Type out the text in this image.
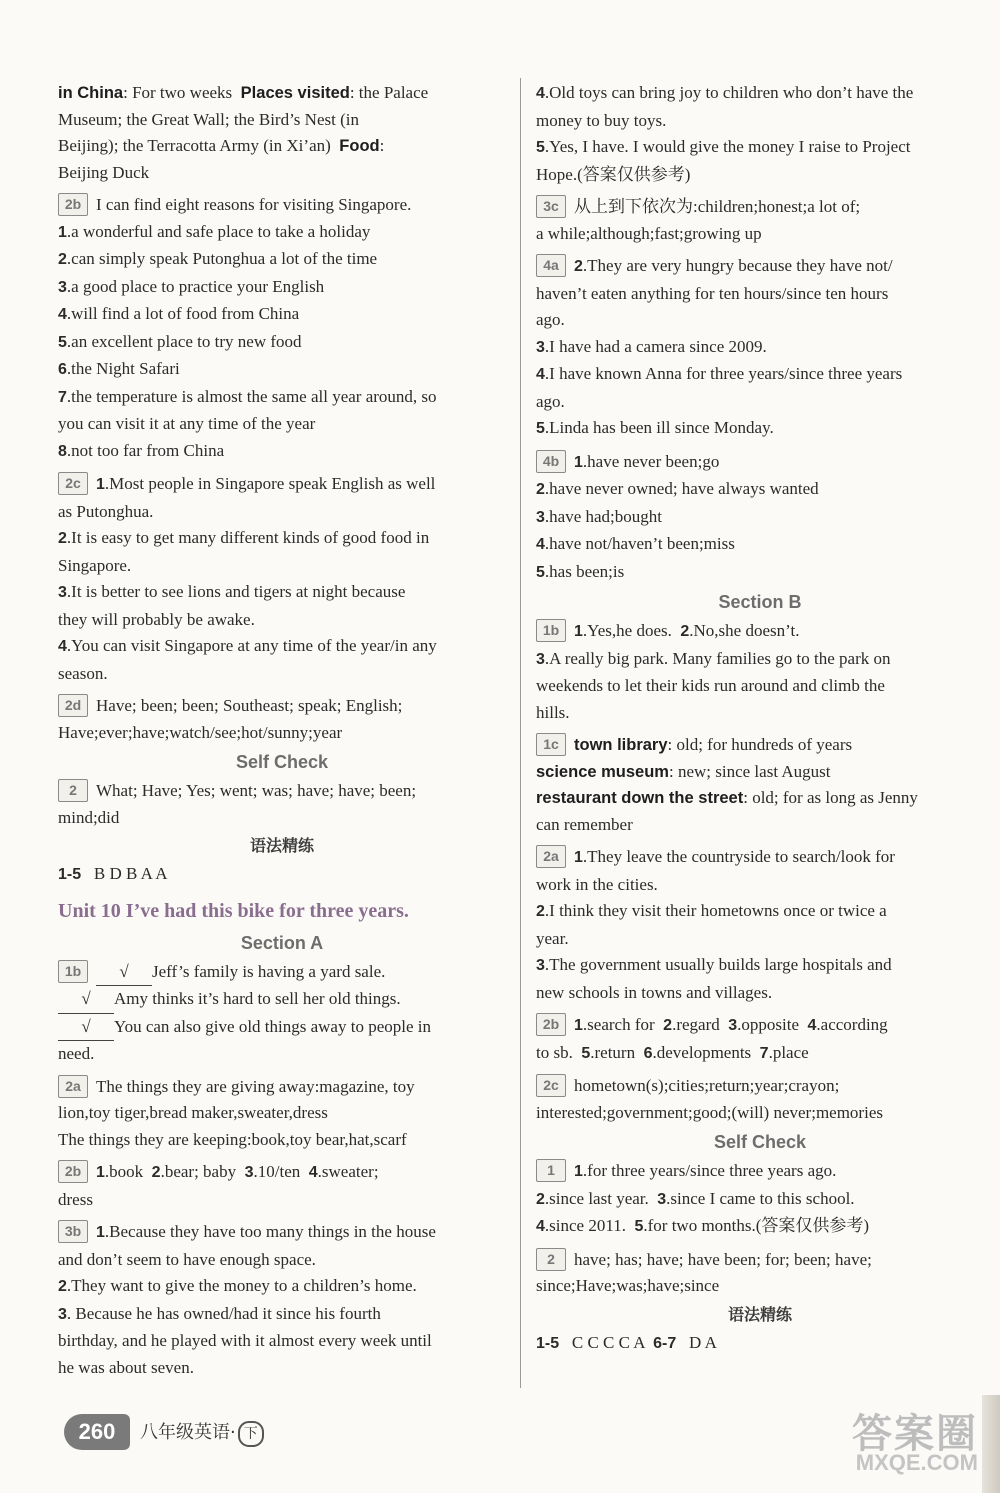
in China: For two weeks  Places visited: the Palace
Museum; the Great Wall; the Bird’s Nest (in
Beijing); the Terracotta Army (in Xi’an)  Food:
Beijing Duck
2b I can find eight reasons for visiting Singapore.
1.a wonderful and safe place to take a holiday
2.can simply speak Putonghua a lot of the time
3.a good place to practice your English
4.will find a lot of food from China
5.an excellent place to try new food
6.the Night Safari
7.the temperature is almost the same all year around, so
you can visit it at any time of the year
8.not too far from China
2c 1.Most people in Singapore speak English as well
as Putonghua.
2.It is easy to get many different kinds of good food in
Singapore.
3.It is better to see lions and tigers at night because
they will probably be awake.
4.You can visit Singapore at any time of the year/in any
season.
2d Have; been; been; Southeast; speak; English;
Have;ever;have;watch/see;hot/sunny;year
Self Check
2 What; Have; Yes; went; was; have; have; been;
mind;did
语法精练
1-5 B D B A A
Unit 10 I’ve had this bike for three years.
Section A
1b √ Jeff’s family is having a yard sale.
√ Amy thinks it’s hard to sell her old things.
√ You can also give old things away to people in
need.
2a The things they are giving away:magazine, toy
lion,toy tiger,bread maker,sweater,dress
The things they are keeping:book,toy bear,hat,scarf
2b 1.book  2.bear; baby  3.10/ten  4.sweater;
dress
3b 1.Because they have too many things in the house
and don’t seem to have enough space.
2.They want to give the money to a children’s home.
3. Because he has owned/had it since his fourth
birthday, and he played with it almost every week until
he was about seven.
4.Old toys can bring joy to children who don’t have the
money to buy toys.
5.Yes, I have. I would give the money I raise to Project
Hope.(答案仅供参考)
3c 从上到下依次为:children;honest;a lot of;
a while;although;fast;growing up
4a 2.They are very hungry because they have not/
haven’t eaten anything for ten hours/since ten hours
ago.
3.I have had a camera since 2009.
4.I have known Anna for three years/since three years
ago.
5.Linda has been ill since Monday.
4b 1.have never been;go
2.have never owned; have always wanted
3.have had;bought
4.have not/haven’t been;miss
5.has been;is
Section B
1b 1.Yes,he does.  2.No,she doesn’t.
3.A really big park. Many families go to the park on
weekends to let their kids run around and climb the
hills.
1c town library: old; for hundreds of years
science museum: new; since last August
restaurant down the street: old; for as long as Jenny
can remember
2a 1.They leave the countryside to search/look for
work in the cities.
2.I think they visit their hometowns once or twice a
year.
3.The government usually builds large hospitals and
new schools in towns and villages.
2b 1.search for  2.regard  3.opposite  4.according
to sb.  5.return  6.developments  7.place
2c hometown(s);cities;return;year;crayon;
interested;government;good;(will) never;memories
Self Check
1 1.for three years/since three years ago.
2.since last year.  3.since I came to this school.
4.since 2011.  5.for two months.(答案仅供参考)
2 have; has; have; have been; for; been; have;
since;Have;was;have;since
语法精练
1-5 C C C C A  6-7 D A
260	八年级英语· 下	答案圈
MXQE.COM
